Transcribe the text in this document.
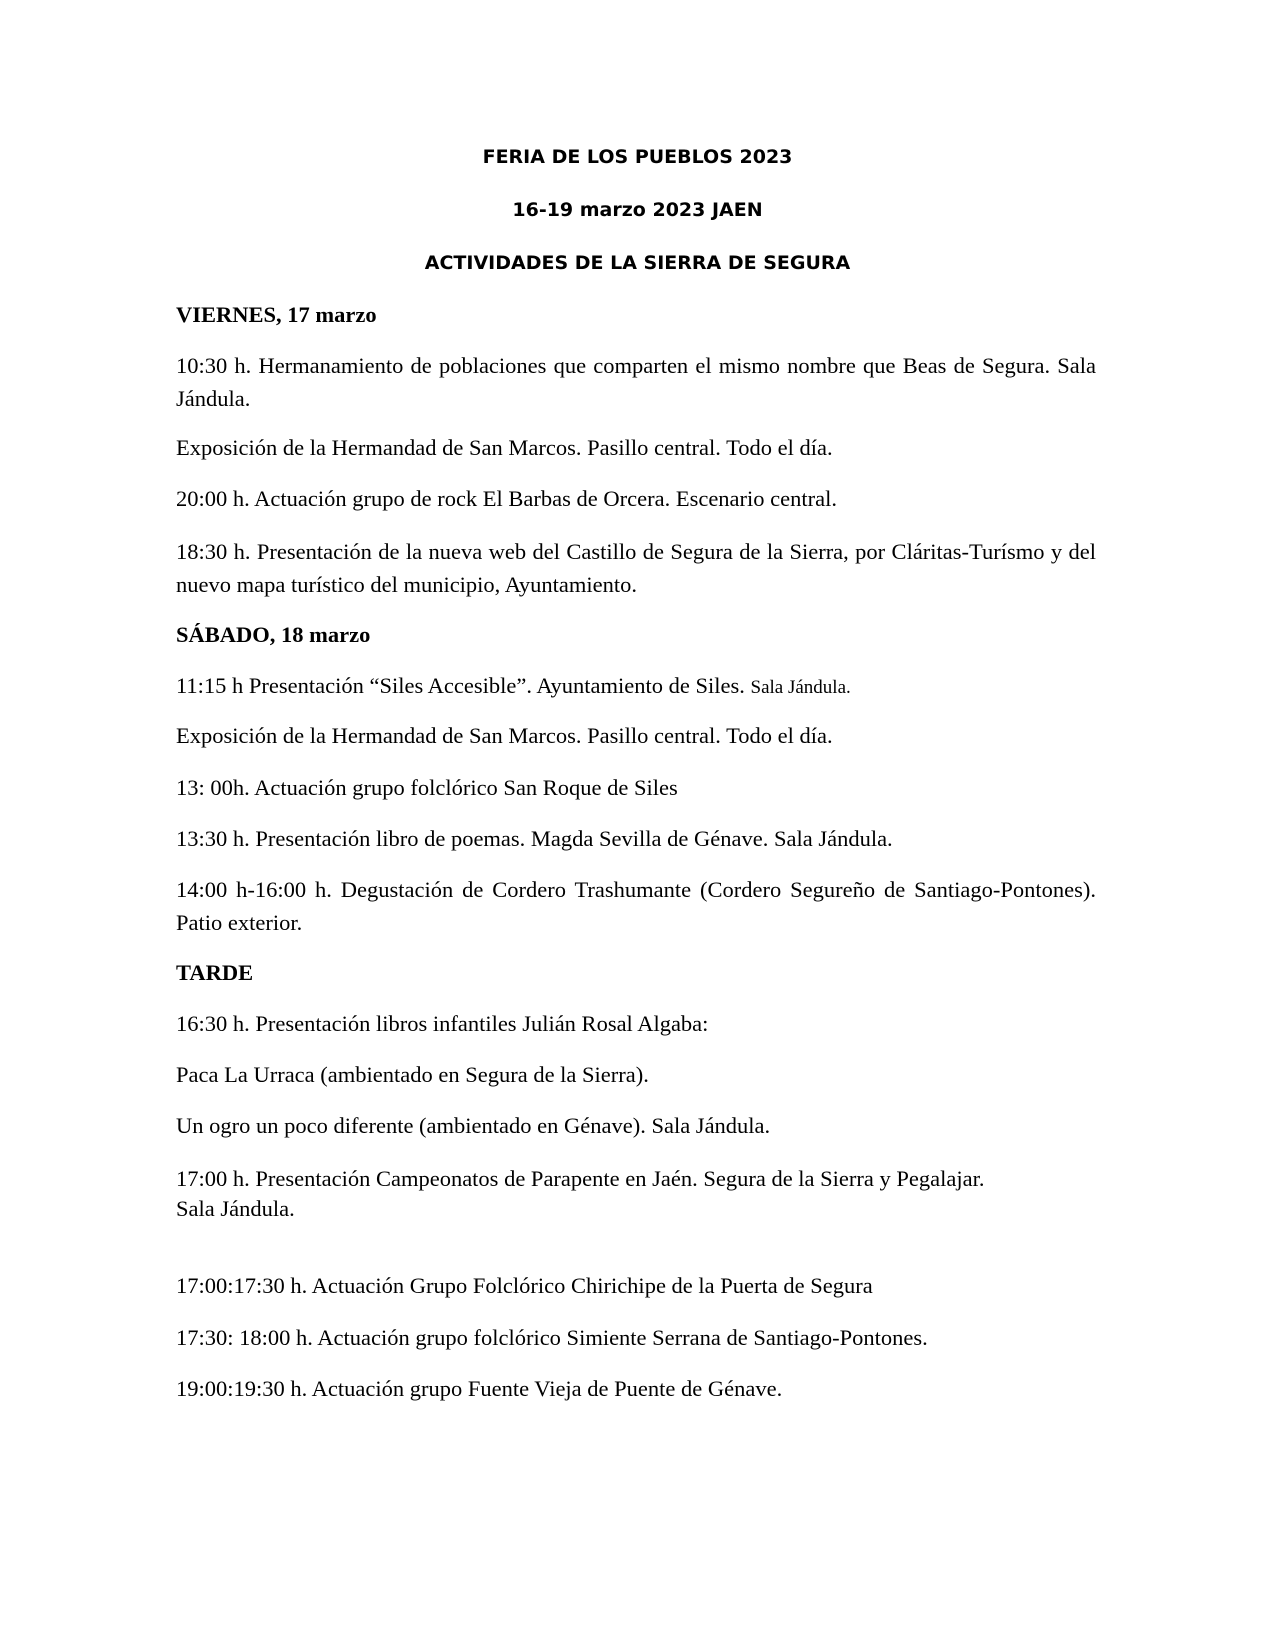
FERIA DE LOS PUEBLOS 2023

16-19 marzo 2023 JAEN

ACTIVIDADES DE LA SIERRA DE SEGURA

VIERNES, 17 marzo

10:30 h. Hermanamiento de poblaciones que comparten el mismo nombre que Beas de Segura. Sala Jándula.

Exposición de la Hermandad de San Marcos. Pasillo central. Todo el día.

20:00 h. Actuación grupo de rock El Barbas de Orcera. Escenario central.

18:30 h. Presentación de la nueva web del Castillo de Segura de la Sierra, por Cláritas-Turísmo y del nuevo mapa turístico del municipio, Ayuntamiento.

SÁBADO, 18 marzo

11:15 h Presentación “Siles Accesible”. Ayuntamiento de Siles. Sala Jándula.

Exposición de la Hermandad de San Marcos. Pasillo central. Todo el día.

13: 00h. Actuación grupo folclórico San Roque de Siles

13:30 h. Presentación libro de poemas. Magda Sevilla de Génave. Sala Jándula.

14:00 h-16:00 h. Degustación de Cordero Trashumante (Cordero Segureño de Santiago-Pontones). Patio exterior.

TARDE

16:30 h. Presentación libros infantiles Julián Rosal Algaba:

Paca La Urraca (ambientado en Segura de la Sierra).

Un ogro un poco diferente (ambientado en Génave). Sala Jándula.

17:00 h. Presentación Campeonatos de Parapente en Jaén. Segura de la Sierra y Pegalajar.

Sala Jándula.

17:00:17:30 h. Actuación Grupo Folclórico Chirichipe de la Puerta de Segura

17:30: 18:00 h. Actuación grupo folclórico Simiente Serrana de Santiago-Pontones.

19:00:19:30 h. Actuación grupo Fuente Vieja de Puente de Génave.
